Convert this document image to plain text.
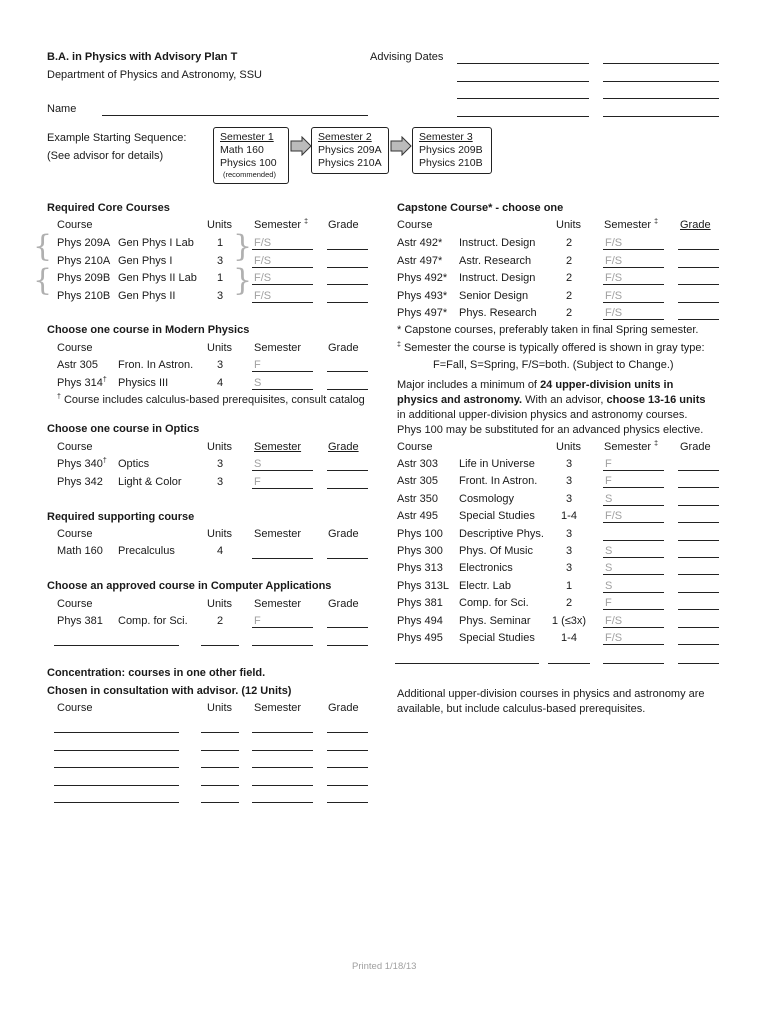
B.A. in Physics with Advisory Plan T
Department of Physics and Astronomy, SSU
Advising Dates
Name
Example Starting Sequence:
(See advisor for details)
Semester 1
Math 160
Physics 100
(recommended)
Semester 2
Physics 209A
Physics 210A
Semester 3
Physics 209B
Physics 210B
Required Core Courses
Course	Units Semester ‡ Grade
{
{
}
}
Phys 209A Gen Phys I Lab 1	F/S
Phys 210A Gen Phys I	3	F/S
Phys 209B Gen Phys II Lab 1	F/S
Phys 210B Gen Phys II	3	F/S
Choose one course in Modern Physics
Course	Units Semester Grade
Astr 305 Fron. In Astron. 3	F
Phys 314† Physics III	4	S
† Course includes calculus-based prerequisites, consult catalog
Choose one course in Optics
Course	Units Semester Grade
Phys 340† Optics	3	S
Phys 342 Light & Color	3	F
Required supporting course
Course	Units Semester Grade
Math 160 Precalculus	4
Choose an approved course in Computer Applications
Course	Units Semester Grade
Phys 381 Comp. for Sci.	2	F
Concentration: courses in one other field.
Chosen in consultation with advisor. (12 Units)
Course	Units Semester Grade
Capstone Course* - choose one
Course	Units Semester ‡ Grade
Astr 492* Instruct. Design	2	F/S
Astr 497* Astr. Research	2	F/S
Phys 492* Instruct. Design	2	F/S
Phys 493* Senior Design	2	F/S
Phys 497* Phys. Research	2	F/S
* Capstone courses, preferably taken in final Spring semester.
‡ Semester the course is typically offered is shown in gray type:
F=Fall, S=Spring, F/S=both. (Subject to Change.)
Major includes a minimum of 24 upper-division units in
physics and astronomy. With an advisor, choose 13-16 units
in additional upper-division physics and astronomy courses.
Phys 100 may be substituted for an advanced physics elective.
Course	Units Semester ‡ Grade
Astr 303 Life in Universe	3	F
Astr 305 Front. In Astron.	3	F
Astr 350 Cosmology	3	S
Astr 495 Special Studies	1-4	F/S
Phys 100 Descriptive Phys.	3
Phys 300 Phys. Of Music	3	S
Phys 313 Electronics	3	S
Phys 313L Electr. Lab	1	S
Phys 381 Comp. for Sci.	2	F
Phys 494 Phys. Seminar	1 (≤3x)	F/S
Phys 495 Special Studies	1-4	F/S
Additional upper-division courses in physics and astronomy are
available, but include calculus-based prerequisites.
Printed 1/18/13
